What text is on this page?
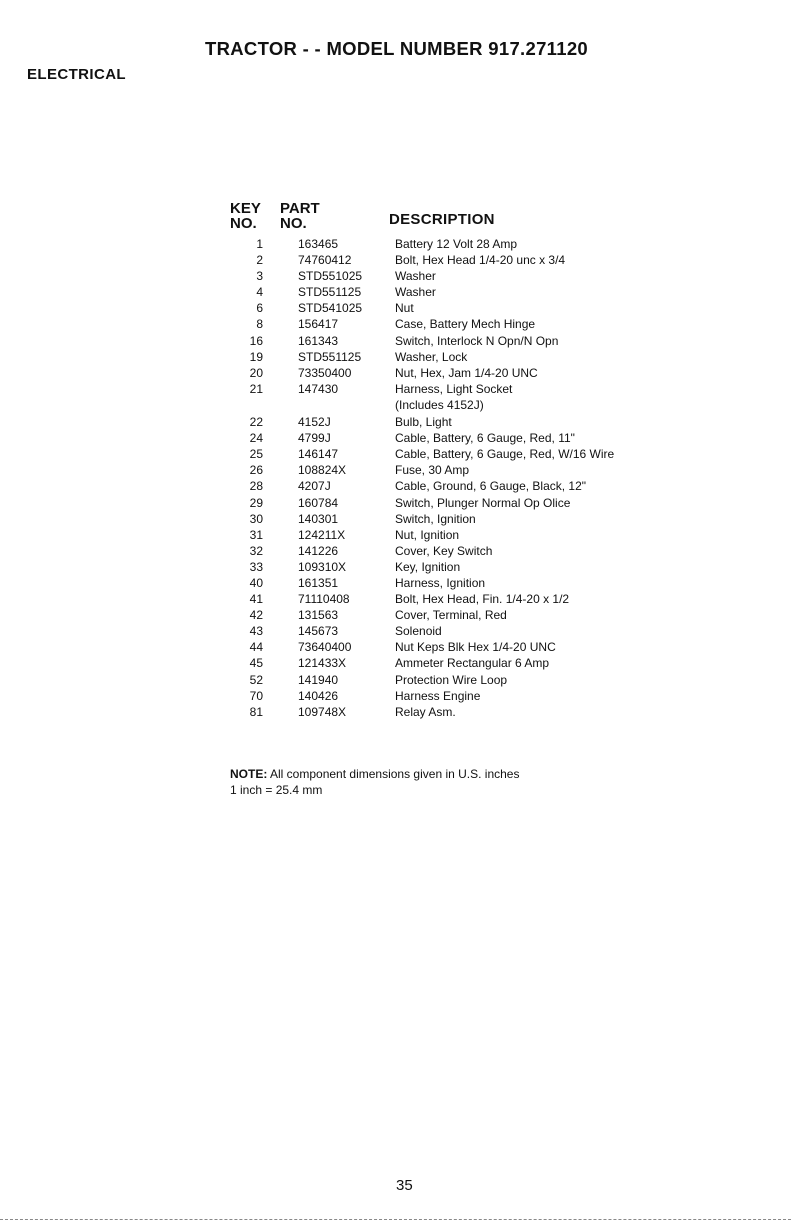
TRACTOR - - MODEL NUMBER 917.271120
ELECTRICAL
KEY
NO.
PART
NO.	DESCRIPTION
1	163465	Battery 12 Volt 28 Amp
2	74760412	Bolt, Hex Head 1/4-20 unc x 3/4
3	STD551025	Washer
4	STD551125	Washer
6	STD541025	Nut
8	156417	Case, Battery Mech Hinge
16	161343	Switch, Interlock N Opn/N Opn
19	STD551125	Washer, Lock
20	73350400	Nut, Hex, Jam 1/4-20 UNC
21	147430	Harness, Light Socket
(Includes 4152J)
22	4152J	Bulb, Light
24	4799J	Cable, Battery, 6 Gauge, Red, 11"
25	146147	Cable, Battery, 6 Gauge, Red, W/16 Wire
26	108824X	Fuse, 30 Amp
28	4207J	Cable, Ground, 6 Gauge, Black, 12"
29	160784	Switch, Plunger Normal Op Olice
30	140301	Switch, Ignition
31	124211X	Nut, Ignition
32	141226	Cover, Key Switch
33	109310X	Key, Ignition
40	161351	Harness, Ignition
41	71110408	Bolt, Hex Head, Fin. 1/4-20 x 1/2
42	131563	Cover, Terminal, Red
43	145673	Solenoid
44	73640400	Nut Keps Blk Hex 1/4-20 UNC
45	121433X	Ammeter Rectangular 6 Amp
52	141940	Protection Wire Loop
70	140426	Harness Engine
81	109748X	Relay Asm.
NOTE: All component dimensions given in U.S. inches
1 inch = 25.4 mm
35
